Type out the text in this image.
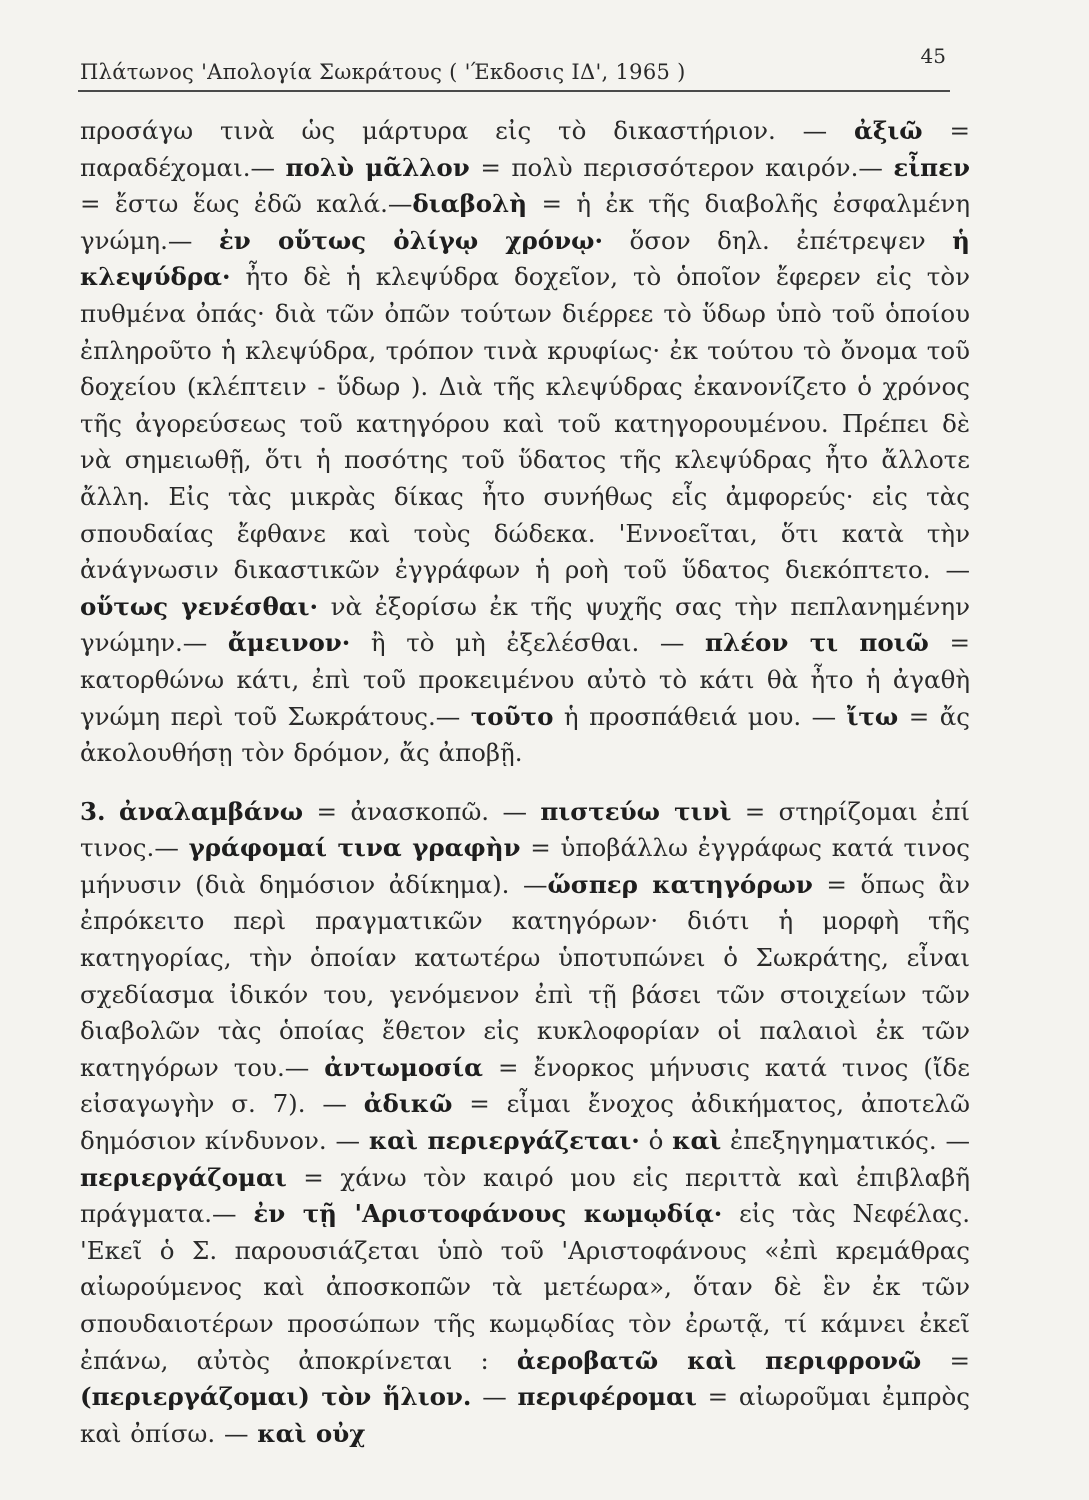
Πλάτωνος 'Απολογία Σωκράτους ( 'Έκδοσις ΙΔ', 1965 )
45

προσάγω τινὰ ὡς μάρτυρα εἰς τὸ δικαστήριον. — ἀξιῶ = παραδέχομαι.— πολὺ μᾶλλον = πολὺ περισσότερον καιρόν.— εἶπεν = ἔστω ἕως ἐδῶ καλά.—διαβολὴ = ἡ ἐκ τῆς διαβολῆς ἐσφαλμένη γνώμη.— ἐν οὕτως ὀλίγῳ χρόνῳ· ὅσον δηλ. ἐπέτρεψεν ἡ κλεψύδρα· ἦτο δὲ ἡ κλεψύδρα δοχεῖον, τὸ ὁποῖον ἔφερεν εἰς τὸν πυθμένα ὀπάς· διὰ τῶν ὀπῶν τούτων διέρρεε τὸ ὕδωρ ὑπὸ τοῦ ὁποίου ἐπληροῦτο ἡ κλεψύδρα, τρόπον τινὰ κρυφίως· ἐκ τούτου τὸ ὄνομα τοῦ δοχείου (κλέπτειν - ὕδωρ ). Διὰ τῆς κλεψύδρας ἐκανονίζετο ὁ χρόνος τῆς ἀγορεύσεως τοῦ κατηγόρου καὶ τοῦ κατηγορουμένου. Πρέπει δὲ νὰ σημειωθῇ, ὅτι ἡ ποσότης τοῦ ὕδατος τῆς κλεψύδρας ἦτο ἄλλοτε ἄλλη. Εἰς τὰς μικρὰς δίκας ἦτο συνήθως εἷς ἀμφορεύς· εἰς τὰς σπουδαίας ἔφθανε καὶ τοὺς δώδεκα. 'Εννοεῖται, ὅτι κατὰ τὴν ἀνάγνωσιν δικαστικῶν ἐγγράφων ἡ ροὴ τοῦ ὕδατος διεκόπτετο. — οὕτως γενέσθαι· νὰ ἐξορίσω ἐκ τῆς ψυχῆς σας τὴν πεπλανημένην γνώμην.— ἄμεινον· ἢ τὸ μὴ ἐξελέσθαι. — πλέον τι ποιῶ = κατορθώνω κάτι, ἐπὶ τοῦ προκειμένου αὐτὸ τὸ κάτι θὰ ἦτο ἡ ἀγαθὴ γνώμη περὶ τοῦ Σωκράτους.— τοῦτο ἡ προσπάθειά μου. — ἴτω = ἄς ἀκολουθήσῃ τὸν δρόμον, ἄς ἀποβῇ.

3. ἀναλαμβάνω = ἀνασκοπῶ. — πιστεύω τινὶ = στηρίζομαι ἐπί τινος.— γράφομαί τινα γραφὴν = ὑποβάλλω ἐγγράφως κατά τινος μήνυσιν (διὰ δημόσιον ἀδίκημα). —ὥσπερ κατηγόρων = ὅπως ἂν ἐπρόκειτο περὶ πραγματικῶν κατηγόρων· διότι ἡ μορφὴ τῆς κατηγορίας, τὴν ὁποίαν κατωτέρω ὑποτυπώνει ὁ Σωκράτης, εἶναι σχεδίασμα ἰδικόν του, γενόμενον ἐπὶ τῇ βάσει τῶν στοιχείων τῶν διαβολῶν τὰς ὁποίας ἔθετον εἰς κυκλοφορίαν οἱ παλαιοὶ ἐκ τῶν κατηγόρων του.— ἀντωμοσία = ἔνορκος μήνυσις κατά τινος (ἴδε εἰσαγωγὴν σ. 7). — ἀδικῶ = εἶμαι ἔνοχος ἀδικήματος, ἀποτελῶ δημόσιον κίνδυνον. — καὶ περιεργάζεται· ὁ καὶ ἐπεξηγηματικός. — περιεργάζομαι = χάνω τὸν καιρό μου εἰς περιττὰ καὶ ἐπιβλαβῆ πράγματα.— ἐν τῇ 'Αριστοφάνους κωμῳδίᾳ· εἰς τὰς Νεφέλας. 'Εκεῖ ὁ Σ. παρουσιάζεται ὑπὸ τοῦ 'Αριστοφάνους «ἐπὶ κρεμάθρας αἰωρούμενος καὶ ἀποσκοπῶν τὰ μετέωρα», ὅταν δὲ ἓν ἐκ τῶν σπουδαιοτέρων προσώπων τῆς κωμῳδίας τὸν ἐρωτᾷ, τί κάμνει ἐκεῖ ἐπάνω, αὐτὸς ἀποκρίνεται : ἀεροβατῶ καὶ περιφρονῶ = (περιεργάζομαι) τὸν ἥλιον. — περιφέρομαι = αἰωροῦμαι ἐμπρὸς καὶ ὀπίσω. — καὶ οὐχ
